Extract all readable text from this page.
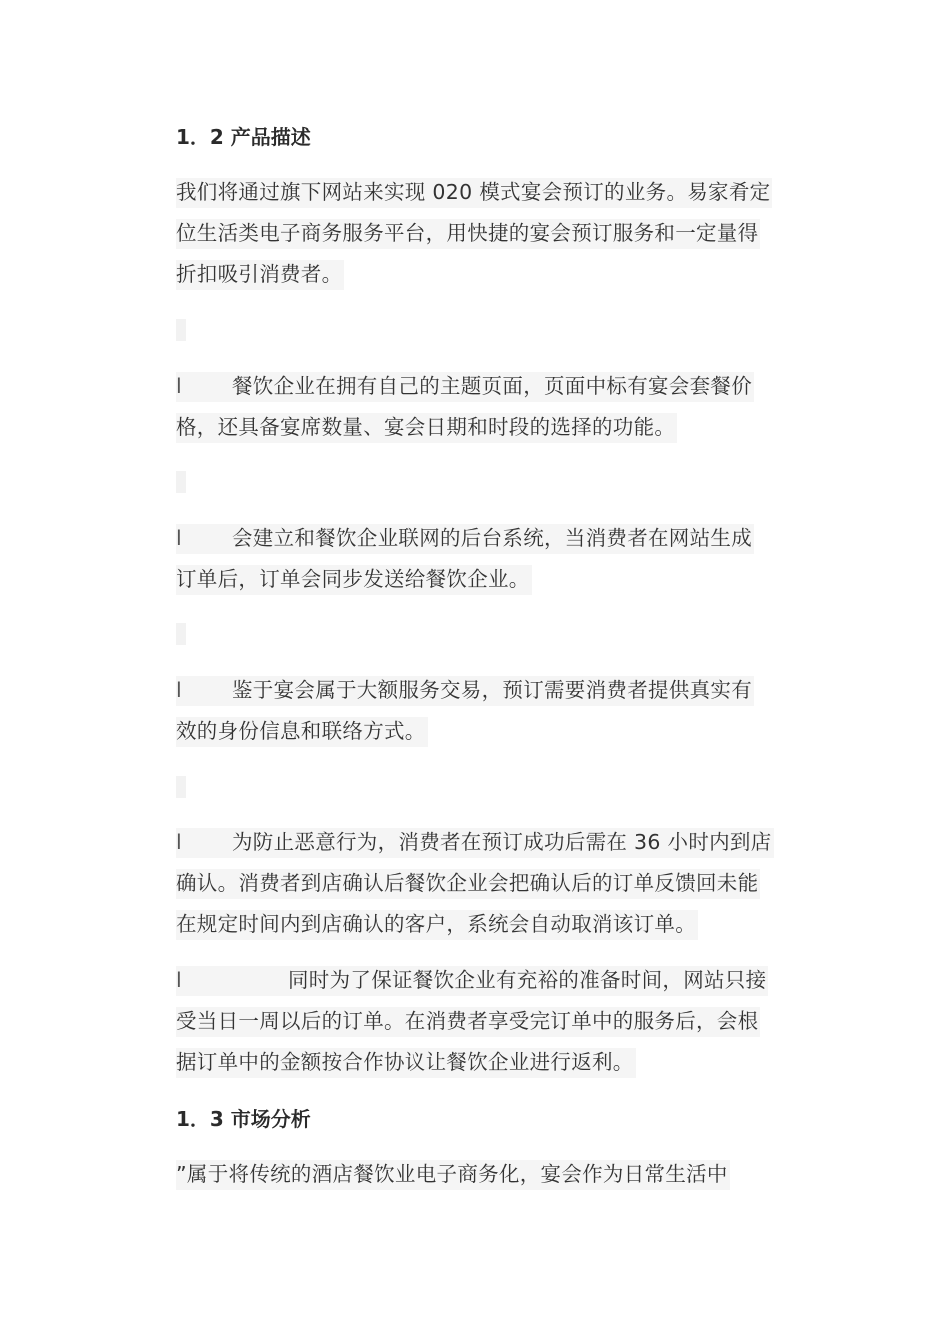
1．2 产品描述
我们将通过旗下网站来实现 020 模式宴会预订的业务。易家肴定
位生活类电子商务服务平台，用快捷的宴会预订服务和一定量得
折扣吸引消费者。
l 餐饮企业在拥有自己的主题页面，页面中标有宴会套餐价
格，还具备宴席数量、宴会日期和时段的选择的功能。
l 会建立和餐饮企业联网的后台系统，当消费者在网站生成
订单后，订单会同步发送给餐饮企业。
l 鉴于宴会属于大额服务交易，预订需要消费者提供真实有
效的身份信息和联络方式。
l 为防止恶意行为，消费者在预订成功后需在 36 小时内到店
确认。消费者到店确认后餐饮企业会把确认后的订单反馈回未能
在规定时间内到店确认的客户，系统会自动取消该订单。
l	同时为了保证餐饮企业有充裕的准备时间，网站只接
受当日一周以后的订单。在消费者享受完订单中的服务后，会根
据订单中的金额按合作协议让餐饮企业进行返利。
1．3 市场分析
”属于将传统的酒店餐饮业电子商务化，宴会作为日常生活中
